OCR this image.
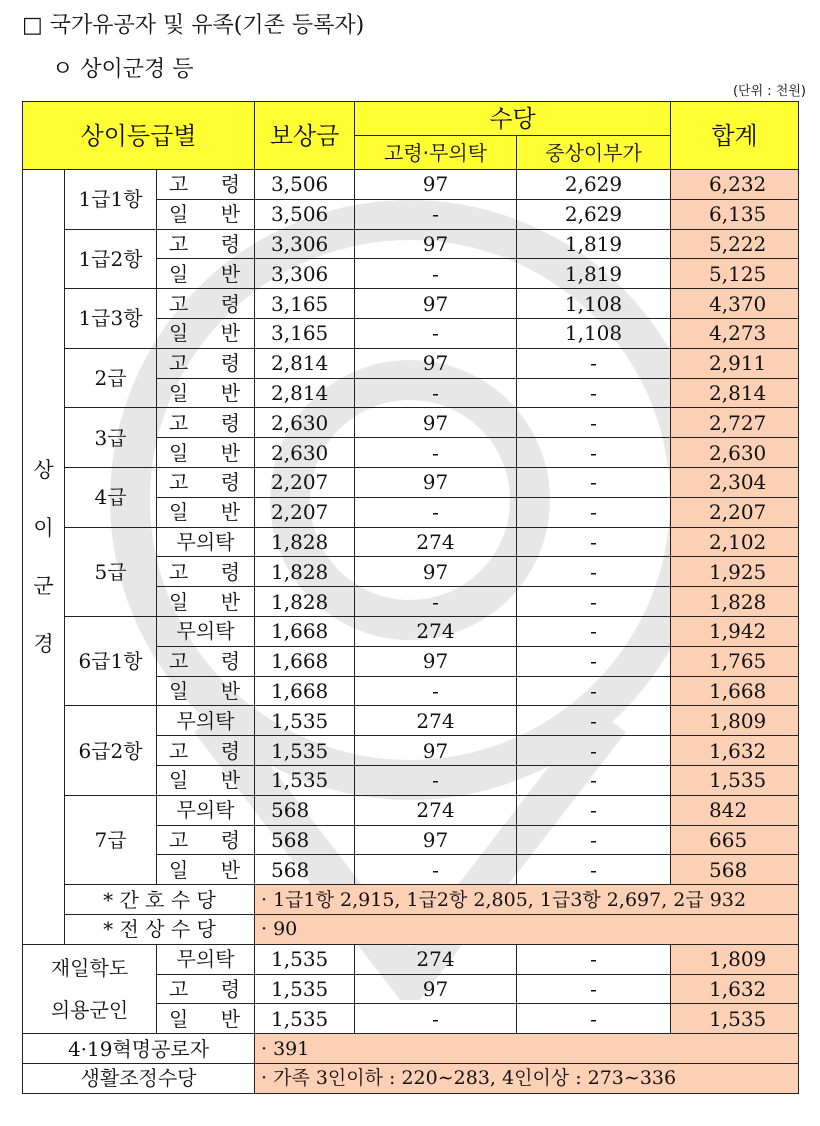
□ 국가유공자 및 유족(기존 등록자)
ㅇ 상이군경 등
(단위 : 천원)
상이등급별			보상금	수당		합계
				고령·무의탁	중상이부가	

상
이
군
경	1급1항	고 령	3,506	97	2,629	6,232

		일 반	3,506	-	2,629	6,135
	1급2항	고 령	3,306	97	1,819	5,222

		일 반	3,306	-	1,819	5,125
	1급3항	고 령	3,165	97	1,108	4,370

		일 반	3,165	-	1,108	4,273
	2급	고 령	2,814	97	-	2,911

		일 반	2,814	-	-	2,814
	3급	고 령	2,630	97	-	2,727

		일 반	2,630	-	-	2,630
	4급	고 령	2,207	97	-	2,304

		일 반	2,207	-	-	2,207
	5급	무의탁	1,828	274	-	2,102

		고 령	1,828	97	-	1,925

		일 반	1,828	-	-	1,828
	6급1항	무의탁	1,668	274	-	1,942

		고 령	1,668	97	-	1,765

		일 반	1,668	-	-	1,668
	6급2항	무의탁	1,535	274	-	1,809

		고 령	1,535	97	-	1,632

		일 반	1,535	-	-	1,535
	7급	무의탁	568	274	-	842

		고 령	568	97	-	665

		일 반	568	-	-	568
	* 간 호 수 당		· 1급1항 2,915, 1급2항 2,805, 1급3항 2,697, 2급 932			
	* 전 상 수 당		· 90			

재일학도
의용군인		무의탁	1,535	274	-	1,809

		고 령	1,535	97	-	1,632

		일 반	1,535	-	-	1,535
4·19혁명공로자			· 391			
생활조정수당			· 가족 3인이하 : 220∼283, 4인이상 : 273∼336			
